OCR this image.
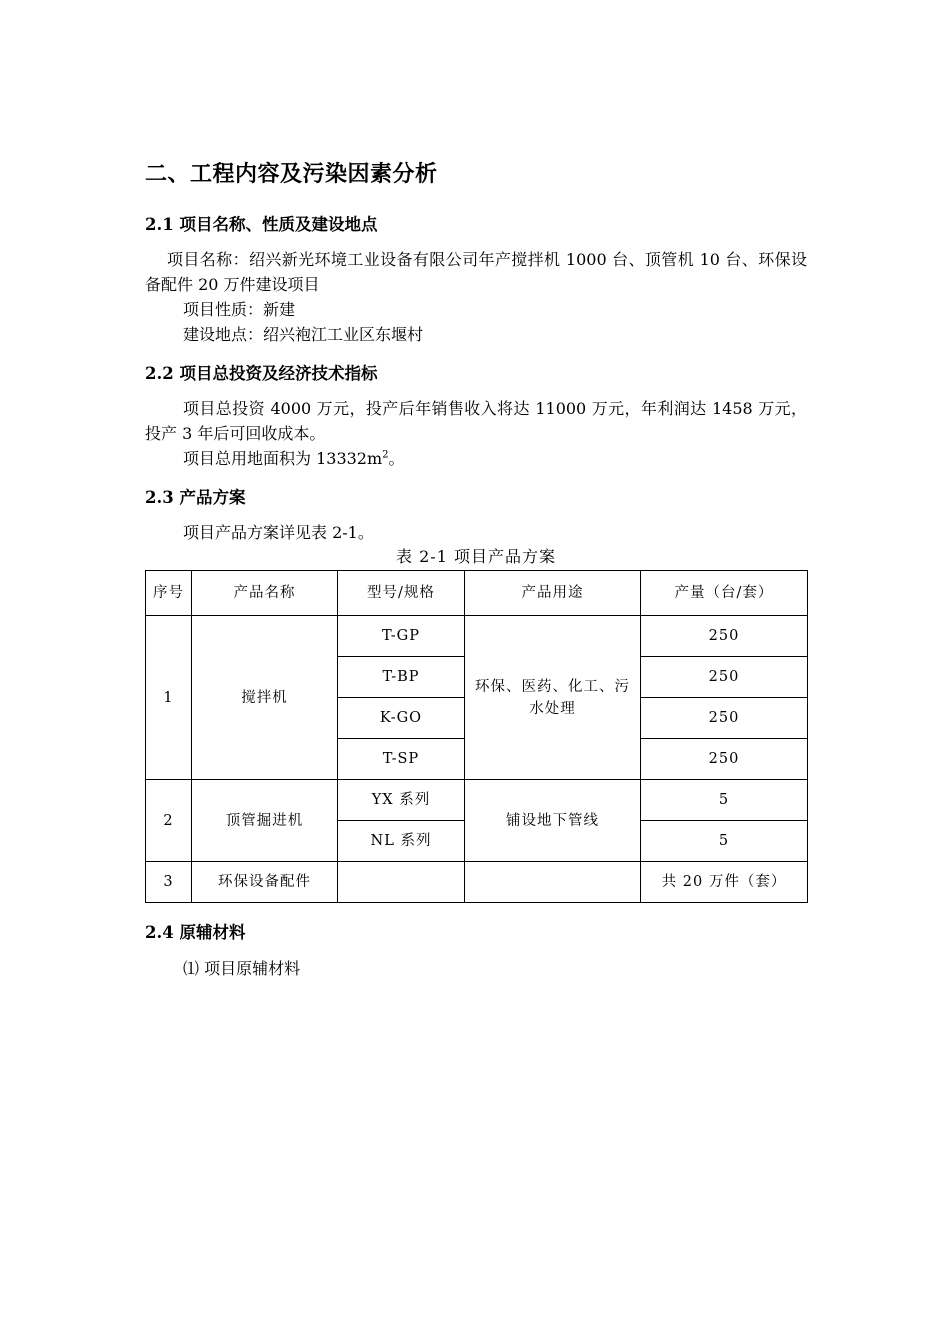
二、工程内容及污染因素分析
2.1 项目名称、性质及建设地点
项目名称：绍兴新光环境工业设备有限公司年产搅拌机 1000 台、顶管机 10 台、环保设备配件 20 万件建设项目
项目性质：新建
建设地点：绍兴袍江工业区东堰村
2.2 项目总投资及经济技术指标
项目总投资 4000 万元，投产后年销售收入将达 11000 万元，年利润达 1458 万元，投产 3 年后可回收成本。
项目总用地面积为 $13332m^2$。
2.3 产品方案
项目产品方案详见表 2-1。
表 2-1 项目产品方案
序号	产品名称	型号/规格	产品用途	产量（台/套）
1	搅拌机	T-GP	环保、医药、化工、污水处理	250
		T-BP		250
		K-GO		250
		T-SP		250
2	顶管掘进机	YX 系列	铺设地下管线	5
		NL 系列		5
3	环保设备配件			共 20 万件（套）
2.4 原辅材料
⑴ 项目原辅材料
